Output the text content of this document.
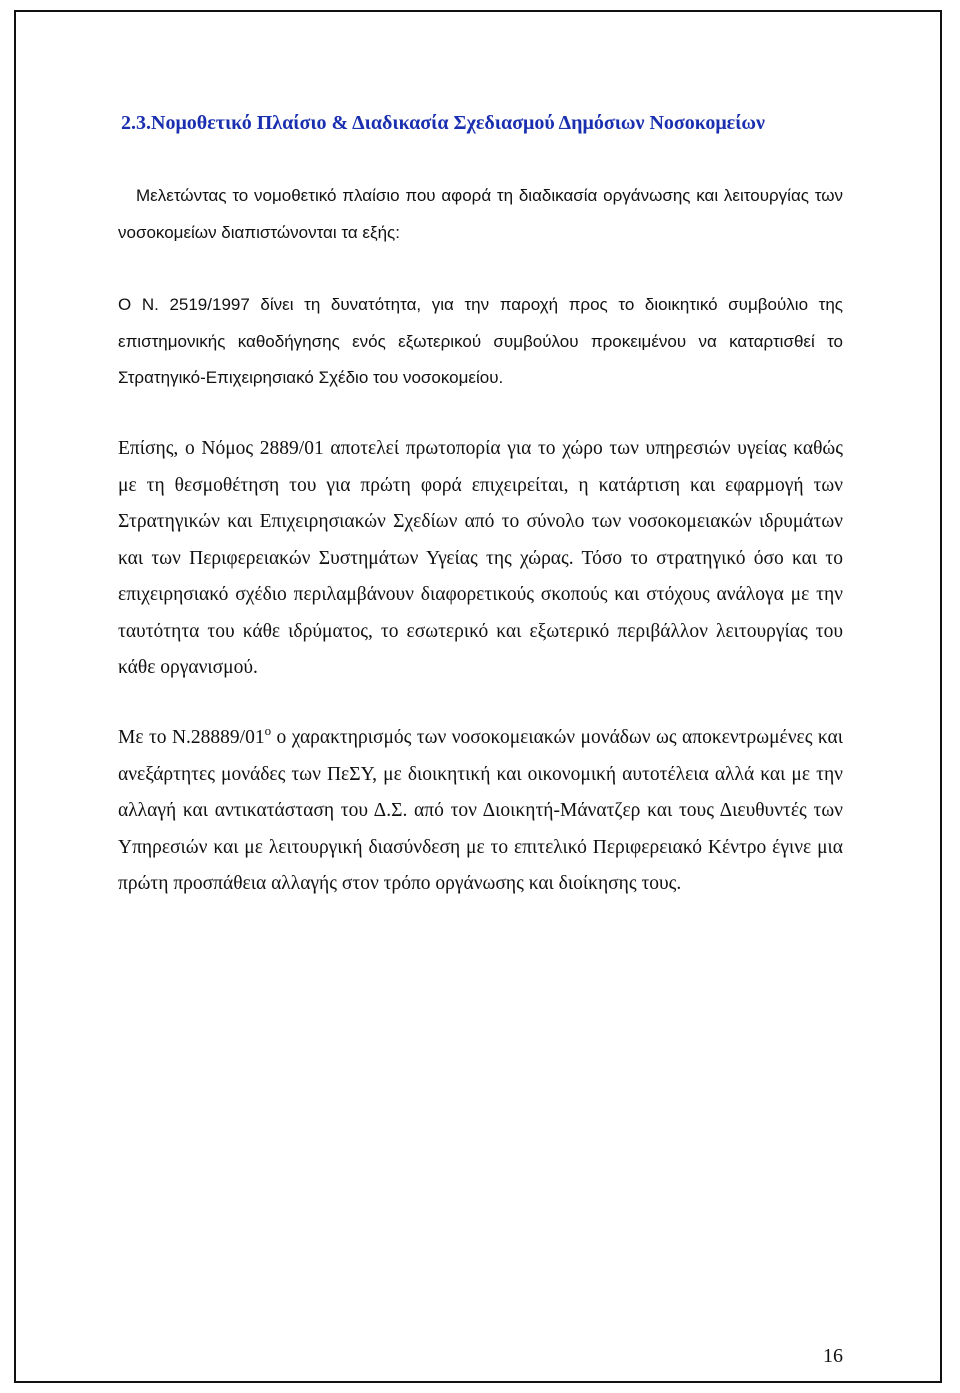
2.3.Νομοθετικό Πλαίσιο & Διαδικασία Σχεδιασμού Δημόσιων Νοσοκομείων

Μελετώντας το νομοθετικό πλαίσιο που αφορά τη διαδικασία οργάνωσης και λειτουργίας των νοσοκομείων διαπιστώνονται τα εξής:

Ο Ν. 2519/1997 δίνει τη δυνατότητα, για την παροχή προς το διοικητικό συμβούλιο της επιστημονικής καθοδήγησης ενός εξωτερικού συμβούλου προκειμένου να καταρτισθεί το Στρατηγικό-Επιχειρησιακό Σχέδιο του νοσοκομείου.

Επίσης, ο Νόμος 2889/01 αποτελεί πρωτοπορία για το χώρο των υπηρεσιών υγείας καθώς με τη θεσμοθέτηση του για πρώτη φορά επιχειρείται, η κατάρτιση και εφαρμογή των Στρατηγικών και Επιχειρησιακών Σχεδίων από το σύνολο των νοσοκομειακών ιδρυμάτων και των Περιφερειακών Συστημάτων Υγείας της χώρας. Τόσο το στρατηγικό όσο και το επιχειρησιακό σχέδιο περιλαμβάνουν διαφορετικούς σκοπούς και στόχους ανάλογα με την ταυτότητα του κάθε ιδρύματος, το εσωτερικό και εξωτερικό περιβάλλον λειτουργίας του κάθε οργανισμού.

Με το $N.28889/01^o$ ο χαρακτηρισμός των νοσοκομειακών μονάδων ως αποκεντρωμένες και ανεξάρτητες μονάδες των ΠεΣΥ, με διοικητική και οικονομική αυτοτέλεια αλλά και με την αλλαγή και αντικατάσταση του Δ.Σ. από τον Διοικητή-Μάνατζερ και τους Διευθυντές των Υπηρεσιών και με λειτουργική διασύνδεση με το επιτελικό Περιφερειακό Κέντρο έγινε μια πρώτη προσπάθεια αλλαγής στον τρόπο οργάνωσης και διοίκησης τους.

16
